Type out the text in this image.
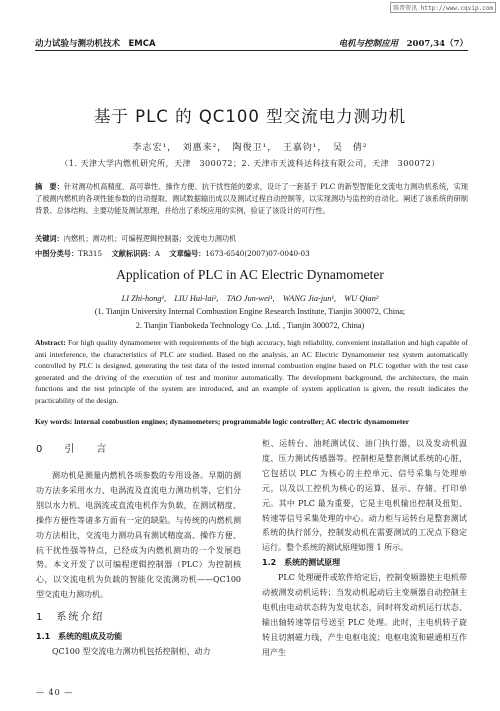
维普资讯 http://www.cqvip.com
动力试验与测功机技术　EMCA	电机与控制应用　 2007,34（7）
基于 PLC 的 QC100 型交流电力测功机
李志宏¹，　刘惠来²，　陶俊卫¹，　王嘉钧¹，　吴　倩²
（1. 天津大学内燃机研究所，天津　300072；2. 天津市天波科达科技有限公司，天津　300072）
摘　要：针对测功机高精度、高可靠性、操作方便、抗干扰性能的要求，设计了一套基于 PLC 的新型智能化交流电力测功机系统，实现了被测内燃机的各项性能参数的自动提取、测试数据输出成以及测试过程自动控制等，以实现测功与监控的自动化。阐述了该系统的研制背景、总体结构、主要功能及测试原理，并给出了系统应用的实例，验证了该设计的可行性。
关键词：内燃机；测功机；可编程逻辑控制器；交流电力测功机
中图分类号：TR315　 文献标识码：A　 文章编号：1673-6540(2007)07-0040-03
Application of PLC in AC Electric Dynamometer
LI Zhi-hong¹,　LIU Hui-lai²,　TAO Jun-wei¹,　WANG Jia-jun¹,　WU Qian²
(1. Tianjin University Internal Combustion Engine Research Institute, Tianjin 300072, China;
2. Tianjin Tianbokeda Technology Co. ,Ltd. , Tianjin 300072, China)
Abstract: For high quality dynamometer with requirements of the high accuracy, high reliability, convenient installation and high capable of anti interference, the characteristics of PLC are studied. Based on the analysis, an AC Electric Dynamometer test system automatically controlled by PLC is designed, generating the test data of the tested internal combustion engine based on PLC together with the test case generated and the driving of the execution of test and monitor automatically. The development background, the architecture, the main functions and the test principle of the system are introduced, and an example of system application is given, the result indicates the practicability of the design.
Key words: internal combustion engines; dynamometers; programmable logic controller; AC electric dynamometer
0　引　言

测功机是测量内燃机各项参数的专用设备。早期的测功方法多采用水力、电涡流及直流电力测功机等，它们分别以水力机、电涡流或直流电机作为负载，在测试精度、操作方便性等诸多方面有一定的缺陷。与传统的内燃机测功方法相比，交流电力测功具有测试精度高、操作方便、抗干扰性强等特点，已经成为内燃机测功的一个发展趋势。本文开发了以可编程逻辑控制器（PLC）为控制核心，以交流电机为负载的智能化交流测功机——QC100 型交流电力测功机。

1　系统介绍
1.1　系统的组成及功能

QC100 型交流电力测功机包括控制柜、动力

柜、运转台、油耗测试仪、油门执行器，以及发动机温度、压力测试传感器等。控制柜是整套测试系统的心脏，它包括以 PLC 为核心的主控单元、信号采集与处理单元，以及以工控机为核心的运算、显示、存储、打印单元。其中 PLC 最为重要，它是主电机输出控制及扭矩、转速等信号采集处理的中心。动力柜与运转台是整套测试系统的执行部分，控制发动机在需要测试的工况点下稳定运行。整个系统的测试原理如图 1 所示。

1.2　系统的测试原理

PLC 处理硬件或软件给定后，控制变频器使主电机带动被测发动机运转；当发动机起动后主变频器自动控制主电机由电动状态转为发电状态，同时将发动机运行状态、输出轴转速等信号送至 PLC 处理。此时，主电机转子旋转且切割磁力线，产生电枢电流；电枢电流和磁通相互作用产生

— 40 —
